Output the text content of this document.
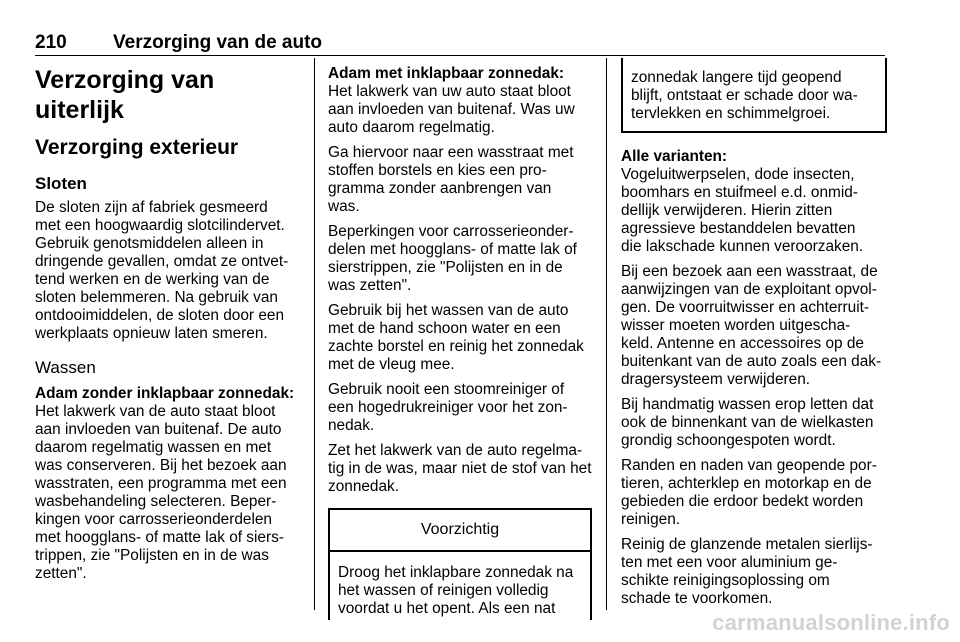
210 Verzorging van de auto
Verzorging van uiterlijk
Verzorging exterieur
Sloten

De sloten zijn af fabriek gesmeerd
met een hoogwaardig slotcilindervet.
Gebruik genotsmiddelen alleen in
dringende gevallen, omdat ze ontvet-
tend werken en de werking van de
sloten belemmeren. Na gebruik van
ontdooimiddelen, de sloten door een
werkplaats opnieuw laten smeren.

Wassen
Adam zonder inklapbaar zonnedak:

Het lakwerk van de auto staat bloot
aan invloeden van buitenaf. De auto
daarom regelmatig wassen en met
was conserveren. Bij het bezoek aan
wasstraten, een programma met een
wasbehandeling selecteren. Beper-
kingen voor carrosserieonderdelen
met hoogglans- of matte lak of siers-
trippen, zie "Polijsten en in de was
zetten".

Adam met inklapbaar zonnedak:

Het lakwerk van uw auto staat bloot
aan invloeden van buitenaf. Was uw
auto daarom regelmatig.

Ga hiervoor naar een wasstraat met
stoffen borstels en kies een pro-
gramma zonder aanbrengen van
was.

Beperkingen voor carrosserieonder-
delen met hoogglans- of matte lak of
sierstrippen, zie "Polijsten en in de
was zetten".

Gebruik bij het wassen van de auto
met de hand schoon water en een
zachte borstel en reinig het zonnedak
met de vleug mee.

Gebruik nooit een stoomreiniger of
een hogedrukreiniger voor het zon-
nedak.

Zet het lakwerk van de auto regelma-
tig in de was, maar niet de stof van het
zonnedak.

Voorzichtig
Droog het inklapbare zonnedak na
het wassen of reinigen volledig
voordat u het opent. Als een nat
zonnedak langere tijd geopend
blijft, ontstaat er schade door wa-
tervlekken en schimmelgroei.
Alle varianten:

Vogeluitwerpselen, dode insecten,
boomhars en stuifmeel e.d. onmid-
dellijk verwijderen. Hierin zitten
agressieve bestanddelen bevatten
die lakschade kunnen veroorzaken.

Bij een bezoek aan een wasstraat, de
aanwijzingen van de exploitant opvol-
gen. De voorruitwisser en achterruit-
wisser moeten worden uitgescha-
keld. Antenne en accessoires op de
buitenkant van de auto zoals een dak-
dragersysteem verwijderen.

Bij handmatig wassen erop letten dat
ook de binnenkant van de wielkasten
grondig schoongespoten wordt.

Randen en naden van geopende por-
tieren, achterklep en motorkap en de
gebieden die erdoor bedekt worden
reinigen.

Reinig de glanzende metalen sierlijs-
ten met een voor aluminium ge-
schikte reinigingsoplossing om
schade te voorkomen.

carmanualsonline.info
